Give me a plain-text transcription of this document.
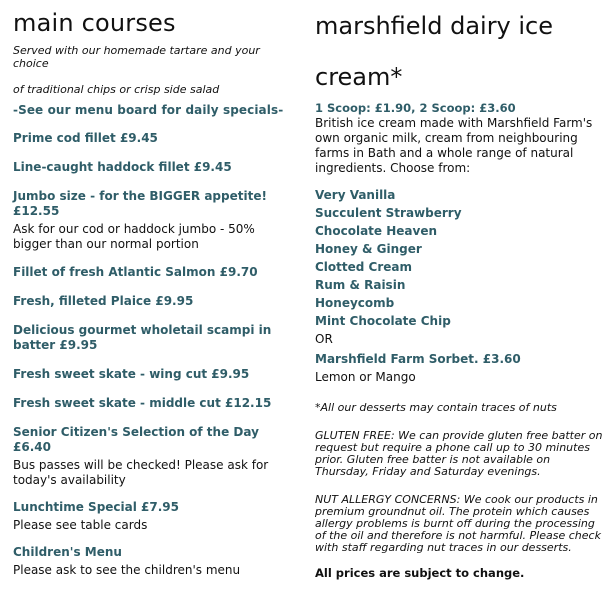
main courses

Served with our homemade tartare and your choice

of traditional chips or crisp side salad

-See our menu board for daily specials-
Prime cod fillet £9.45
Line-caught haddock fillet £9.45
Jumbo size - for the BIGGER appetite! £12.55
Ask for our cod or haddock jumbo - 50% bigger than our normal portion
Fillet of fresh Atlantic Salmon £9.70
Fresh, filleted Plaice £9.95
Delicious gourmet wholetail scampi in batter £9.95
Fresh sweet skate - wing cut £9.95
Fresh sweet skate - middle cut £12.15
Senior Citizen's Selection of the Day £6.40
Bus passes will be checked! Please ask for today's availability
Lunchtime Special £7.95
Please see table cards
Children's Menu
Please ask to see the children's menu
marshfield dairy ice
cream*
1 Scoop: £1.90, 2 Scoop: £3.60
British ice cream made with Marshfield Farm's own organic milk, cream from neighbouring farms in Bath and a whole range of natural ingredients. Choose from:
Very Vanilla
Succulent Strawberry
Chocolate Heaven
Honey & Ginger
Clotted Cream
Rum & Raisin
Honeycomb
Mint Chocolate Chip
OR
Marshfield Farm Sorbet. £3.60
Lemon or Mango
*All our desserts may contain traces of nuts
GLUTEN FREE: We can provide gluten free batter on request but require a phone call up to 30 minutes prior. Gluten free batter is not available on Thursday, Friday and Saturday evenings.
NUT ALLERGY CONCERNS: We cook our products in premium groundnut oil. The protein which causes allergy problems is burnt off during the processing of the oil and therefore is not harmful. Please check with staff regarding nut traces in our desserts.
All prices are subject to change.
